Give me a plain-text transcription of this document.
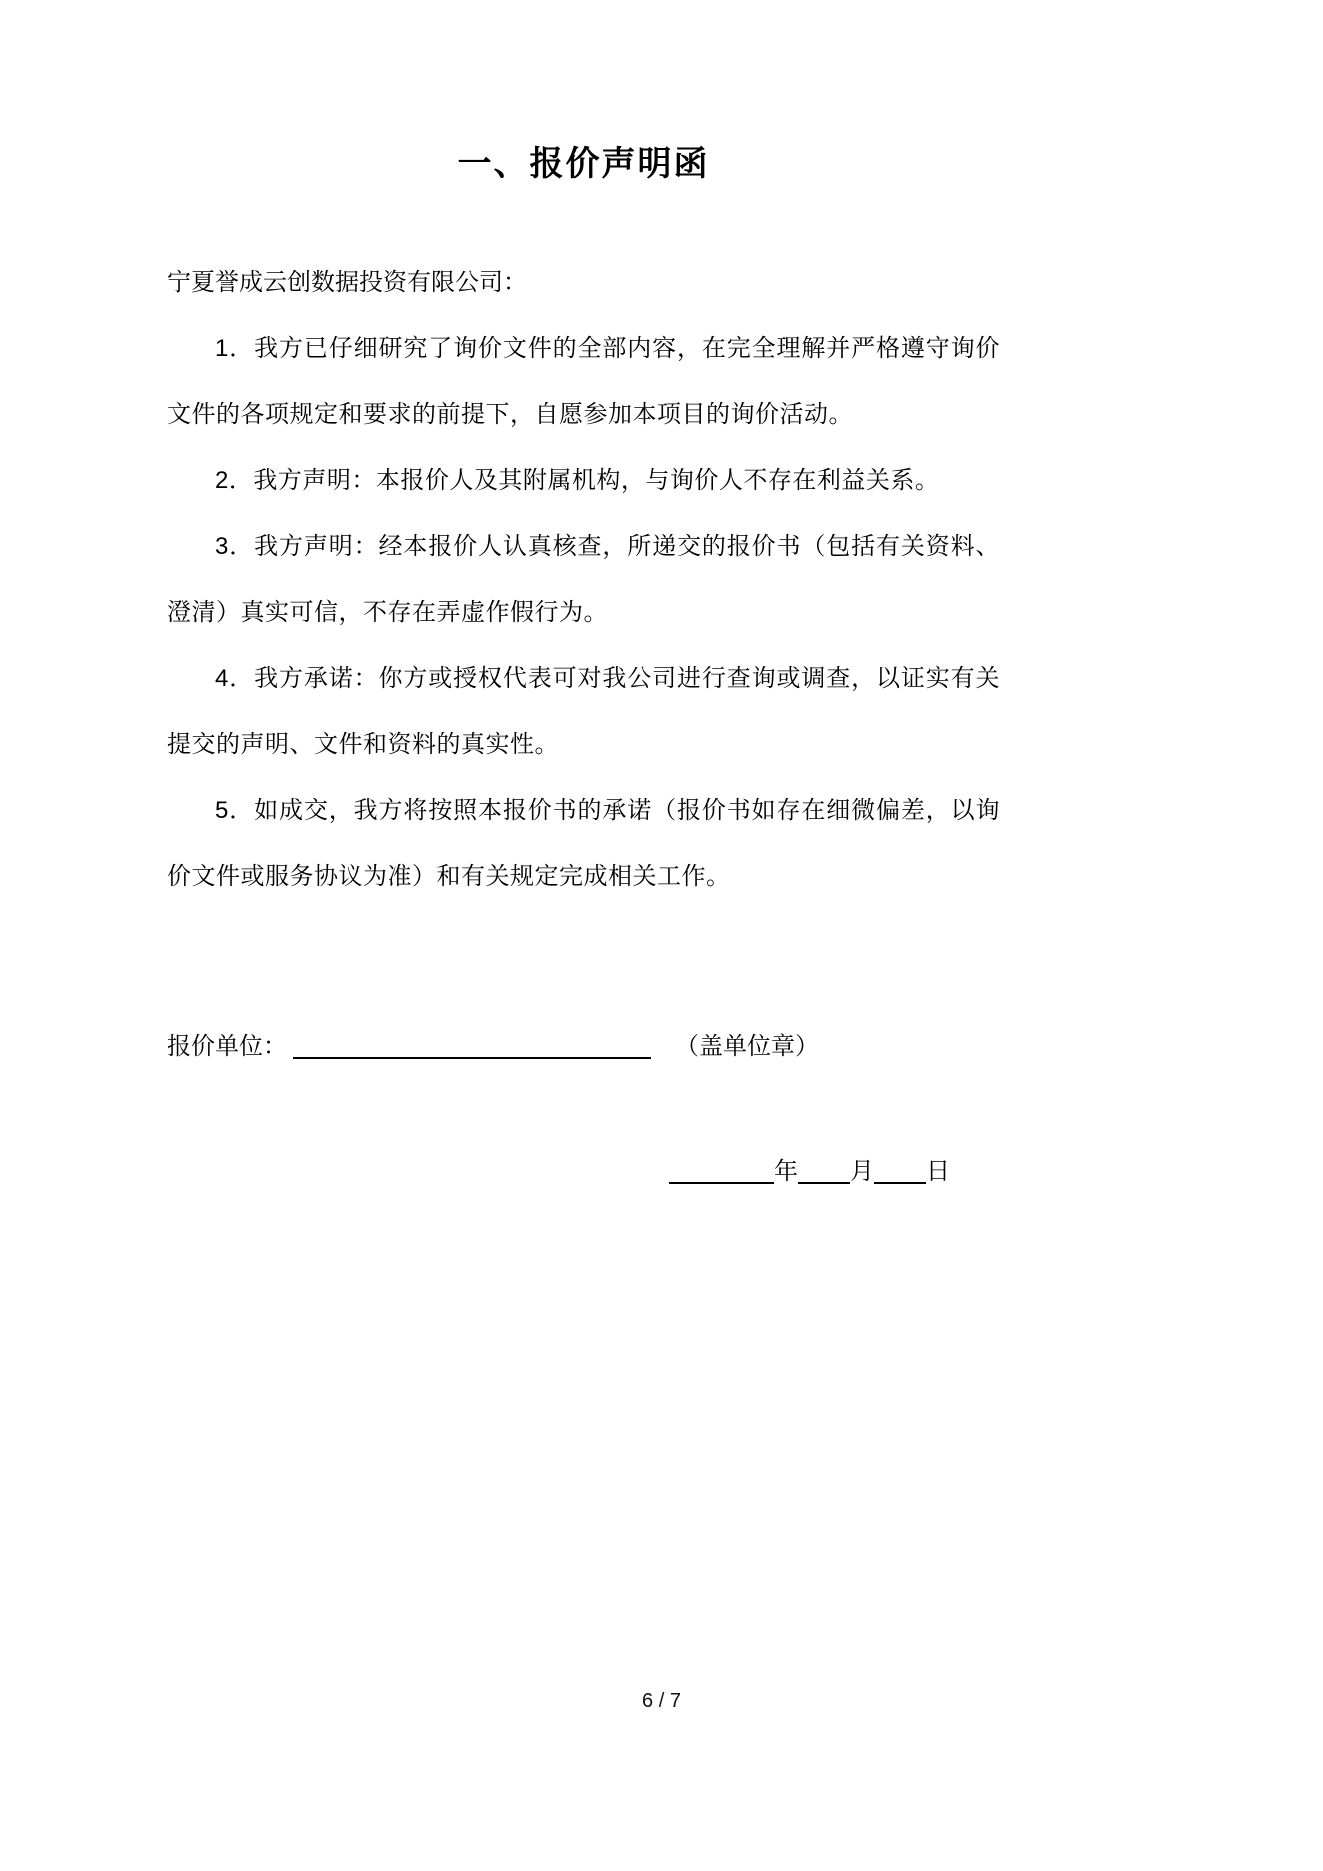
一、报价声明函

宁夏誉成云创数据投资有限公司：

1．我方已仔细研究了询价文件的全部内容，在完全理解并严格遵守询价文件的各项规定和要求的前提下，自愿参加本项目的询价活动。

2．我方声明：本报价人及其附属机构，与询价人不存在利益关系。

3．我方声明：经本报价人认真核查，所递交的报价书（包括有关资料、澄清）真实可信，不存在弄虚作假行为。

4．我方承诺：你方或授权代表可对我公司进行查询或调查，以证实有关提交的声明、文件和资料的真实性。

5．如成交，我方将按照本报价书的承诺（报价书如存在细微偏差，以询价文件或服务协议为准）和有关规定完成相关工作。

报价单位：	（盖单位章）
年 月 日
6 / 7
